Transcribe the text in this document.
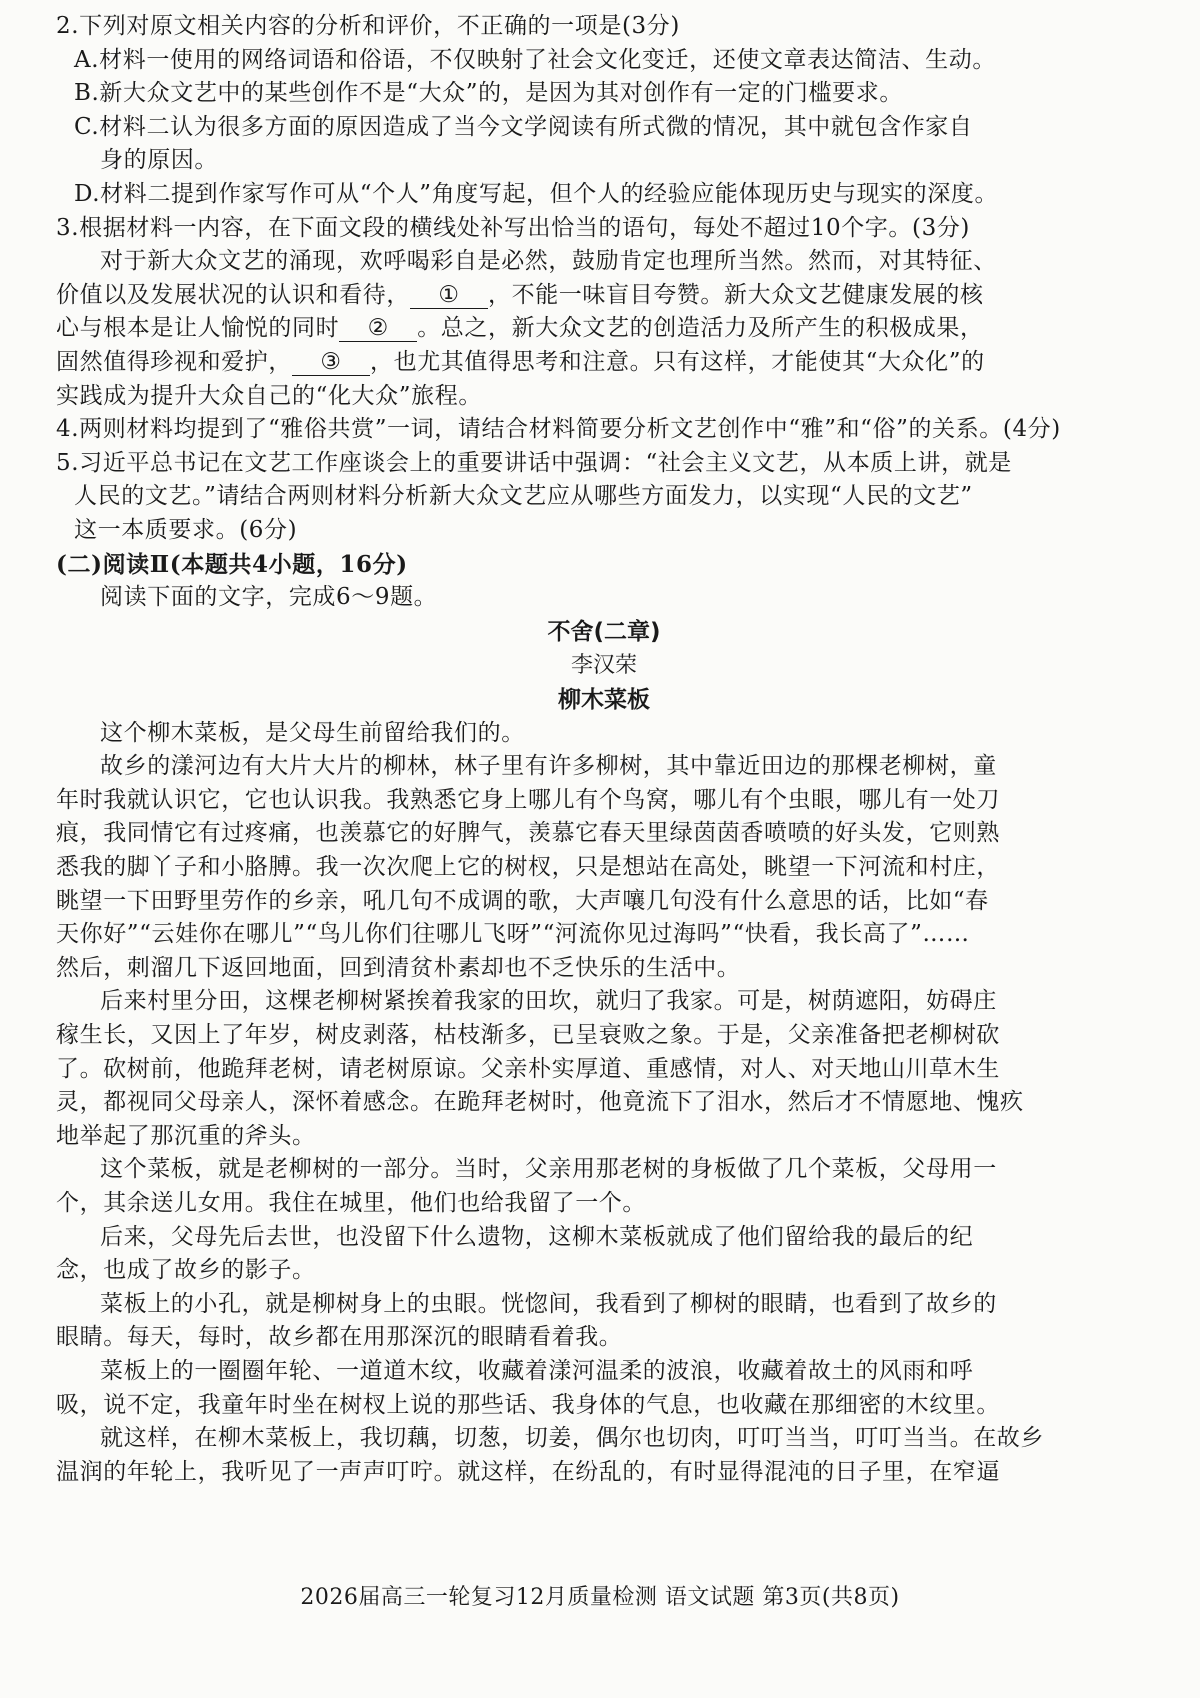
2.下列对原文相关内容的分析和评价，不正确的一项是(3分)
A.材料一使用的网络词语和俗语，不仅映射了社会文化变迁，还使文章表达简洁、生动。
B.新大众文艺中的某些创作不是“大众”的，是因为其对创作有一定的门槛要求。
C.材料二认为很多方面的原因造成了当今文学阅读有所式微的情况，其中就包含作家自
身的原因。
D.材料二提到作家写作可从“个人”角度写起，但个人的经验应能体现历史与现实的深度。
3.根据材料一内容，在下面文段的横线处补写出恰当的语句，每处不超过10个字。(3分)
对于新大众文艺的涌现，欢呼喝彩自是必然，鼓励肯定也理所当然。然而，对其特征、
价值以及发展状况的认识和看待， ① ，不能一味盲目夸赞。新大众文艺健康发展的核
心与根本是让人愉悦的同时 ② 。总之，新大众文艺的创造活力及所产生的积极成果，
固然值得珍视和爱护， ③ ，也尤其值得思考和注意。只有这样，才能使其“大众化”的
实践成为提升大众自己的“化大众”旅程。
4.两则材料均提到了“雅俗共赏”一词，请结合材料简要分析文艺创作中“雅”和“俗”的关系。(4分)
5.习近平总书记在文艺工作座谈会上的重要讲话中强调：“社会主义文艺，从本质上讲，就是
人民的文艺。”请结合两则材料分析新大众文艺应从哪些方面发力，以实现“人民的文艺”
这一本质要求。(6分)
(二)阅读Ⅱ(本题共4小题，16分)
阅读下面的文字，完成6～9题。
不舍(二章)
李汉荣
柳木菜板
这个柳木菜板，是父母生前留给我们的。
故乡的漾河边有大片大片的柳林，林子里有许多柳树，其中靠近田边的那棵老柳树，童
年时我就认识它，它也认识我。我熟悉它身上哪儿有个鸟窝，哪儿有个虫眼，哪儿有一处刀
痕，我同情它有过疼痛，也羡慕它的好脾气，羡慕它春天里绿茵茵香喷喷的好头发，它则熟
悉我的脚丫子和小胳膊。我一次次爬上它的树杈，只是想站在高处，眺望一下河流和村庄，
眺望一下田野里劳作的乡亲，吼几句不成调的歌，大声嚷几句没有什么意思的话，比如“春
天你好”“云娃你在哪儿”“鸟儿你们往哪儿飞呀”“河流你见过海吗”“快看，我长高了”……
然后，刺溜几下返回地面，回到清贫朴素却也不乏快乐的生活中。
后来村里分田，这棵老柳树紧挨着我家的田坎，就归了我家。可是，树荫遮阳，妨碍庄
稼生长，又因上了年岁，树皮剥落，枯枝渐多，已呈衰败之象。于是，父亲准备把老柳树砍
了。砍树前，他跪拜老树，请老树原谅。父亲朴实厚道、重感情，对人、对天地山川草木生
灵，都视同父母亲人，深怀着感念。在跪拜老树时，他竟流下了泪水，然后才不情愿地、愧疚
地举起了那沉重的斧头。
这个菜板，就是老柳树的一部分。当时，父亲用那老树的身板做了几个菜板，父母用一
个，其余送儿女用。我住在城里，他们也给我留了一个。
后来，父母先后去世，也没留下什么遗物，这柳木菜板就成了他们留给我的最后的纪
念，也成了故乡的影子。
菜板上的小孔，就是柳树身上的虫眼。恍惚间，我看到了柳树的眼睛，也看到了故乡的
眼睛。每天，每时，故乡都在用那深沉的眼睛看着我。
菜板上的一圈圈年轮、一道道木纹，收藏着漾河温柔的波浪，收藏着故土的风雨和呼
吸，说不定，我童年时坐在树杈上说的那些话、我身体的气息，也收藏在那细密的木纹里。
就这样，在柳木菜板上，我切藕，切葱，切姜，偶尔也切肉，叮叮当当，叮叮当当。在故乡
温润的年轮上，我听见了一声声叮咛。就这样，在纷乱的，有时显得混沌的日子里，在窄逼
2026届高三一轮复习12月质量检测 语文试题 第3页(共8页)
